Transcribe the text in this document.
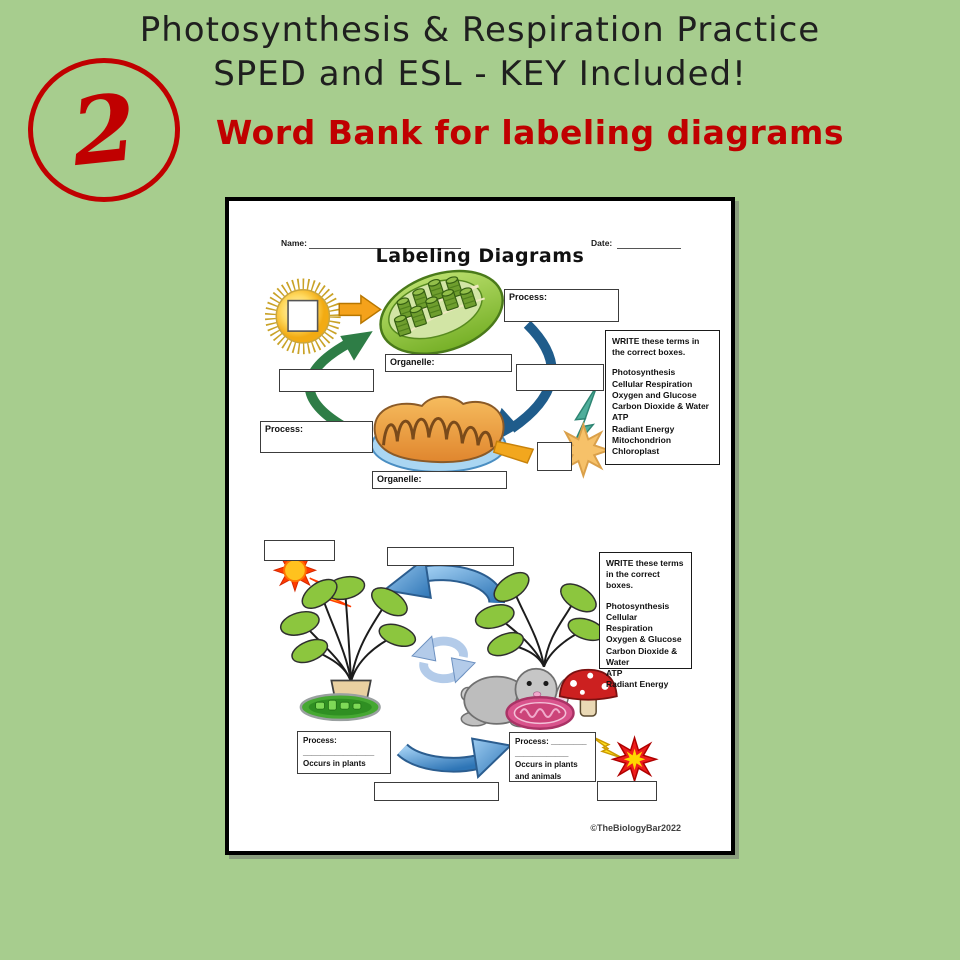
Photosynthesis & Respiration Practice
SPED and ESL - KEY Included!
2	Word Bank for labeling diagrams
Name:	Date:
Labeling Diagrams
Process:
Organelle:
Process:
Organelle:
WRITE these terms in
the correct boxes.
Photosynthesis
Cellular Respiration
Oxygen and Glucose
Carbon Dioxide & Water
ATP
Radiant Energy
Mitochondrion
Chloroplast
WRITE these terms
in the correct boxes.
Photosynthesis
Cellular Respiration
Oxygen & Glucose
Carbon Dioxide & Water
ATP
Radiant Energy
Process:
________________
Occurs in plants
Process: ________
____________
Occurs in plants
and animals
©TheBiologyBar2022
